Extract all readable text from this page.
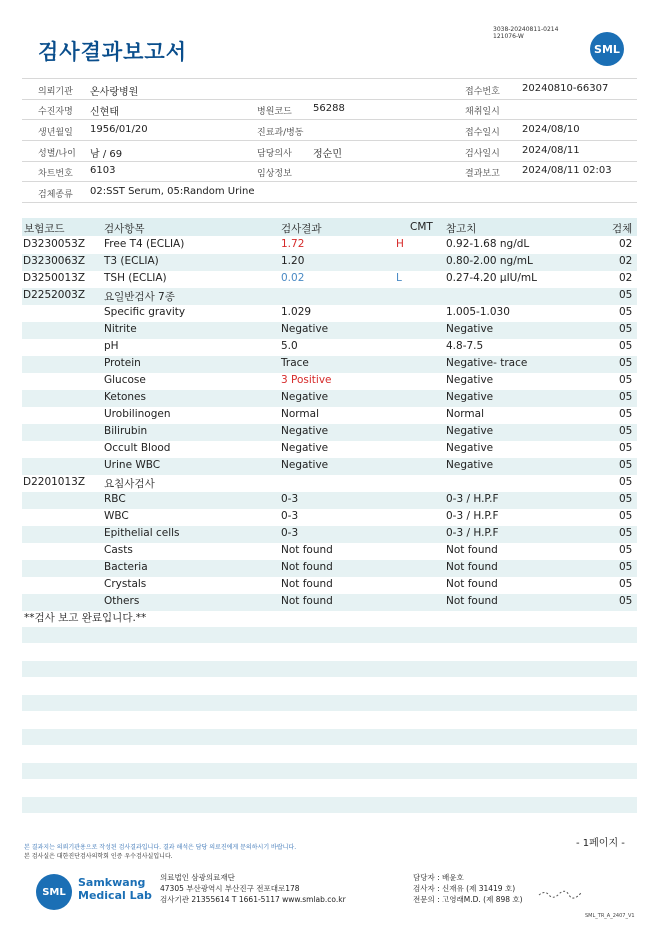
검사결과보고서
3038-20240811-0214
121076-W
SML
의뢰기관 온사랑병원	접수번호 20240810-66307
수진자명 신현태	병원코드 56288	채취일시
생년월일 1956/01/20	진료과/병동	접수일시 2024/08/10
성별/나이 남 / 69	담당의사 정순민	검사일시 2024/08/11
차트번호 6103	임상정보	결과보고 2024/08/11 02:03
검체종류 02:SST Serum, 05:Random Urine
보험코드	검사항목	검사결과	CMT 참고치	검체
D3230053Z Free T4 (ECLIA)	1.72	H	0.92-1.68 ng/dL	02
D3230063Z T3 (ECLIA)	1.20	0.80-2.00 ng/mL	02
D3250013Z TSH (ECLIA)	0.02	L	0.27-4.20 μIU/mL	02
D2252003Z 요일반검사 7종	05
Specific gravity	1.029	1.005-1.030	05
Nitrite	Negative	Negative	05
pH	5.0	4.8-7.5	05
Protein	Trace	Negative- trace	05
Glucose	3 Positive	Negative	05
Ketones	Negative	Negative	05
Urobilinogen	Normal	Normal	05
Bilirubin	Negative	Negative	05
Occult Blood	Negative	Negative	05
Urine WBC	Negative	Negative	05
D2201013Z 요침사검사	05
RBC	0-3	0-3 / H.P.F	05
WBC	0-3	0-3 / H.P.F	05
Epithelial cells	0-3	0-3 / H.P.F	05
Casts	Not found	Not found	05
Bacteria	Not found	Not found	05
Crystals	Not found	Not found	05
Others	Not found	Not found	05
**검사 보고 완료입니다.**
- 1페이지 -
본 결과지는 의뢰기관용으로 작성된 검사결과입니다. 결과 해석은 담당 의료진에게 문의하시기 바랍니다.
본 검사실은 대한진단검사의학회 인증 우수검사실입니다.
SML
Samkwang
Medical Lab
의료법인 삼광의료재단
47305 부산광역시 부산진구 전포대로178
검사기관 21355614 T 1661-5117 www.smlab.co.kr
담당자 : 배윤호
검사자 : 신재유 (제 31419 호)
전문의 : 고영래M.D. (제 898 호)
SML_TR_A_2407_V1
